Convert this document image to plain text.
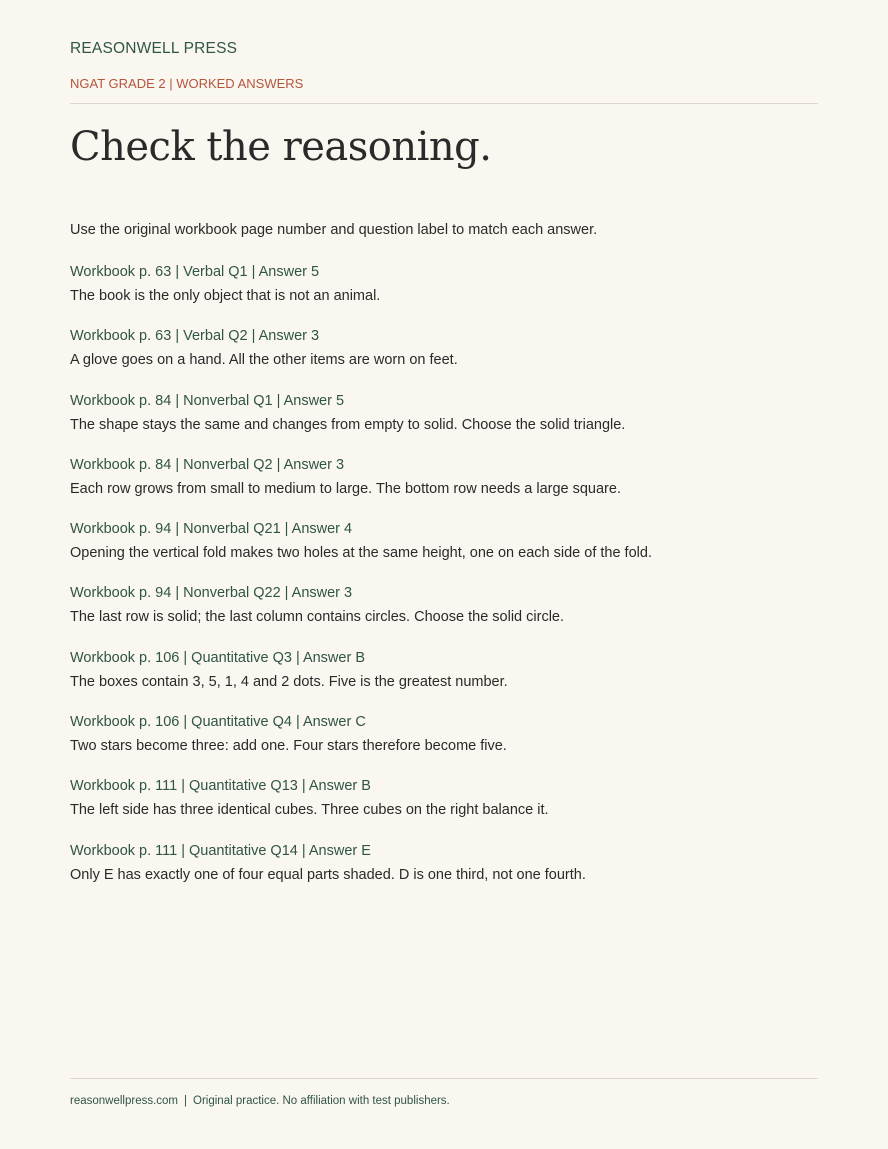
REASONWELL PRESS
NGAT GRADE 2 | WORKED ANSWERS
Check the reasoning.
Use the original workbook page number and question label to match each answer.
Workbook p. 63 | Verbal Q1 | Answer 5
The book is the only object that is not an animal.
Workbook p. 63 | Verbal Q2 | Answer 3
A glove goes on a hand. All the other items are worn on feet.
Workbook p. 84 | Nonverbal Q1 | Answer 5
The shape stays the same and changes from empty to solid. Choose the solid triangle.
Workbook p. 84 | Nonverbal Q2 | Answer 3
Each row grows from small to medium to large. The bottom row needs a large square.
Workbook p. 94 | Nonverbal Q21 | Answer 4
Opening the vertical fold makes two holes at the same height, one on each side of the fold.
Workbook p. 94 | Nonverbal Q22 | Answer 3
The last row is solid; the last column contains circles. Choose the solid circle.
Workbook p. 106 | Quantitative Q3 | Answer B
The boxes contain 3, 5, 1, 4 and 2 dots. Five is the greatest number.
Workbook p. 106 | Quantitative Q4 | Answer C
Two stars become three: add one. Four stars therefore become five.
Workbook p. 111 | Quantitative Q13 | Answer B
The left side has three identical cubes. Three cubes on the right balance it.
Workbook p. 111 | Quantitative Q14 | Answer E
Only E has exactly one of four equal parts shaded. D is one third, not one fourth.
reasonwellpress.com | Original practice. No affiliation with test publishers.
